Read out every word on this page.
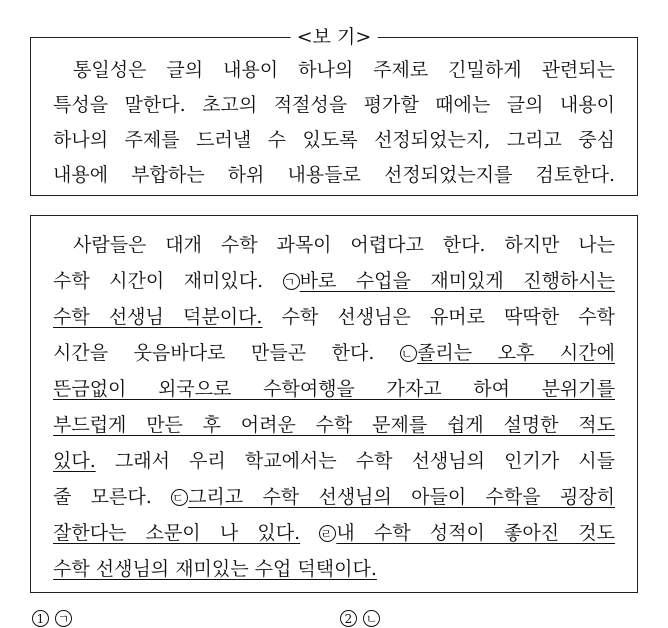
<보 기>
통일성은 글의 내용이 하나의 주제로 긴밀하게 관련되는
특성을 말한다. 초고의 적절성을 평가할 때에는 글의 내용이
하나의 주제를 드러낼 수 있도록 선정되었는지, 그리고 중심
내용에 부합하는 하위 내용들로 선정되었는지를 검토한다.
사람들은 대개 수학 과목이 어렵다고 한다. 하지만 나는
수학 시간이 재미있다. ㄱ 바로 수업을 재미있게 진행하시는
수학 선생님 덕분이다. 수학 선생님은 유머로 딱딱한 수학
시간을 웃음바다로 만들곤 한다. ㄴ 졸리는 오후 시간에
뜬금없이 외국으로 수학여행을 가자고 하여 분위기를
부드럽게 만든 후 어려운 수학 문제를 쉽게 설명한 적도
있다. 그래서 우리 학교에서는 수학 선생님의 인기가 시들
줄 모른다. ㄷ 그리고 수학 선생님의 아들이 수학을 굉장히
잘한다는 소문이 나 있다. ㄹ 내 수학 성적이 좋아진 것도
수학 선생님의 재미있는 수업 덕택이다.
1 ㄱ	2 ㄴ
